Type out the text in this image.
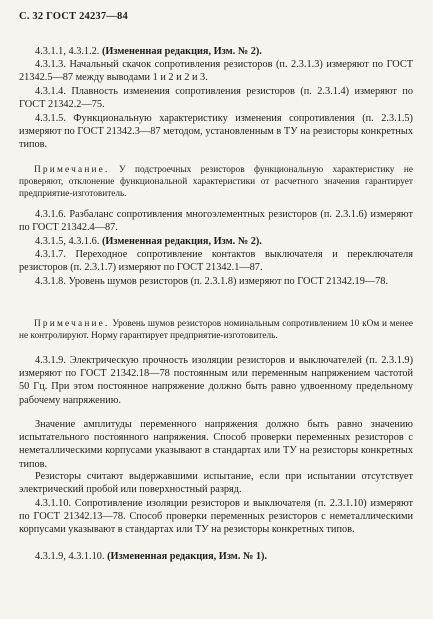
С. 32 ГОСТ 24237—84

4.3.1.1, 4.3.1.2. (Измененная редакция, Изм. № 2).

4.3.1.3. Начальный скачок сопротивления резисторов (п. 2.3.1.3) измеряют по ГОСТ 21342.5—87 между выводами 1 и 2 и 2 и 3.

4.3.1.4. Плавность изменения сопротивления резисторов (п. 2.3.1.4) измеряют по ГОСТ 21342.2—75.

4.3.1.5. Функциональную характеристику изменения сопротивления (п. 2.3.1.5) измеряют по ГОСТ 21342.3—87 методом, установленным в ТУ на резисторы конкретных типов.

Примечание. У подстроечных резисторов функциональную характеристику не проверяют, отклонение функциональной характеристики от расчетного значения гарантирует предприятие-изготовитель.

4.3.1.6. Разбаланс сопротивления многоэлементных резисторов (п. 2.3.1.6) измеряют по ГОСТ 21342.4—87.

4.3.1.5, 4.3.1.6. (Измененная редакция, Изм. № 2).

4.3.1.7. Переходное сопротивление контактов выключателя и переключателя резисторов (п. 2.3.1.7) измеряют по ГОСТ 21342.1—87.

4.3.1.8. Уровень шумов резисторов (п. 2.3.1.8) измеряют по ГОСТ 21342.19—78.

Примечание. Уровень шумов резисторов номинальным сопротивлением 10 кОм и менее не контролируют. Норму гарантирует предприятие-изготовитель.

4.3.1.9. Электрическую прочность изоляции резисторов и выключателей (п. 2.3.1.9) измеряют по ГОСТ 21342.18—78 постоянным или переменным напряжением частотой 50 Гц. При этом постоянное напряжение должно быть равно удвоенному предельному рабочему напряжению.

Значение амплитуды переменного напряжения должно быть равно значению испытательного постоянного напряжения. Способ проверки переменных резисторов с неметаллическими корпусами указывают в стандартах или ТУ на резисторы конкретных типов.

Резисторы считают выдержавшими испытание, если при испытании отсутствует электрический пробой или поверхностный разряд.

4.3.1.10. Сопротивление изоляции резисторов и выключателя (п. 2.3.1.10) измеряют по ГОСТ 21342.13—78. Способ проверки переменных резисторов с неметаллическими корпусами указывают в стандартах или ТУ на резисторы конкретных типов.

4.3.1.9, 4.3.1.10. (Измененная редакция, Изм. № 1).
